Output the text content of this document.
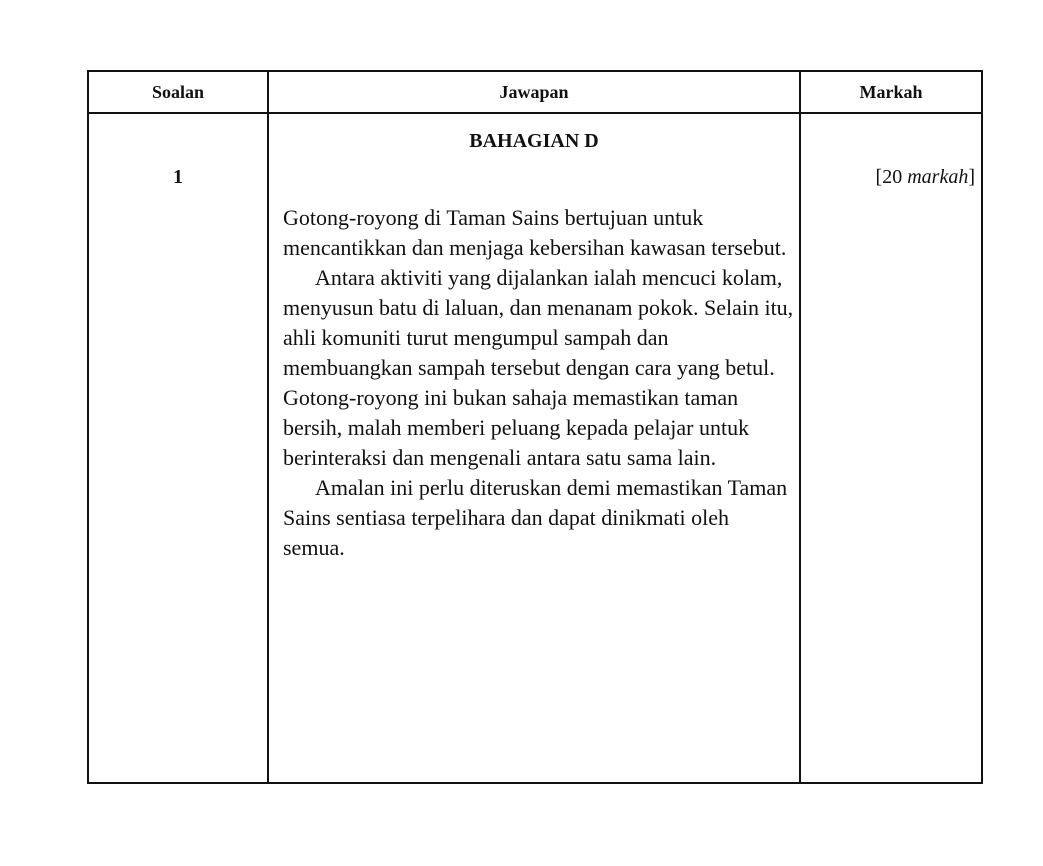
Soalan	Jawapan	Markah

1	BAHAGIAN D

Gotong-royong di Taman Sains bertujuan untuk mencantikkan dan menjaga kebersihan kawasan tersebut.

Antara aktiviti yang dijalankan ialah mencuci kolam, menyusun batu di laluan, dan menanam pokok. Selain itu, ahli komuniti turut mengumpul sampah dan membuangkan sampah tersebut dengan cara yang betul. Gotong-royong ini bukan sahaja memastikan taman bersih, malah memberi peluang kepada pelajar untuk berinteraksi dan mengenali antara satu sama lain.

Amalan ini perlu diteruskan demi memastikan Taman Sains sentiasa terpelihara dan dapat dinikmati oleh semua.	[20 markah]
